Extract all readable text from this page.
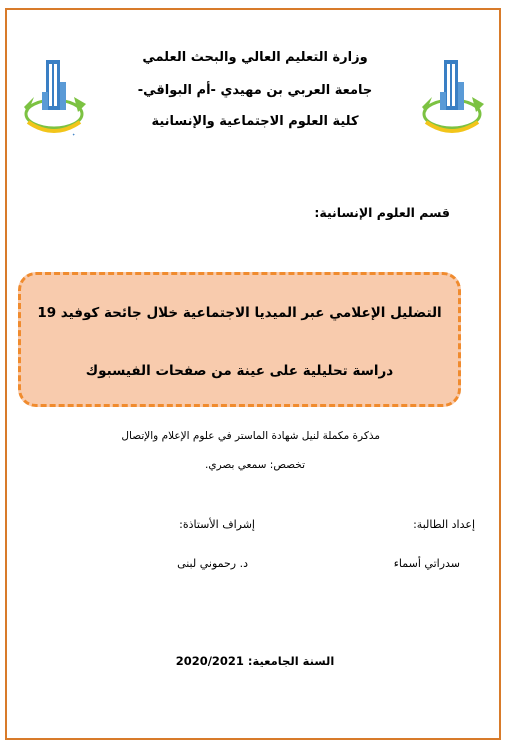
✦
وزارة التعليم العالي والبحث العلمي
جامعة العربي بن مهيدي -أم البواقي-
كلية العلوم الاجتماعية والإنسانية
قسم العلوم الإنسانية:
التضليل الإعلامي عبر الميديا الاجتماعية خلال جائحة كوفيد 19
دراسة تحليلية على عينة من صفحات الفيسبوك
مذكرة مكملة لنيل شهادة الماستر في علوم الإعلام والإتصال
تخصص: سمعي بصري.
إعداد الطالبة:
إشراف الأستاذة:
سدراتي أسماء
د. رحموني لبنى
السنة الجامعية: 2020/2021
